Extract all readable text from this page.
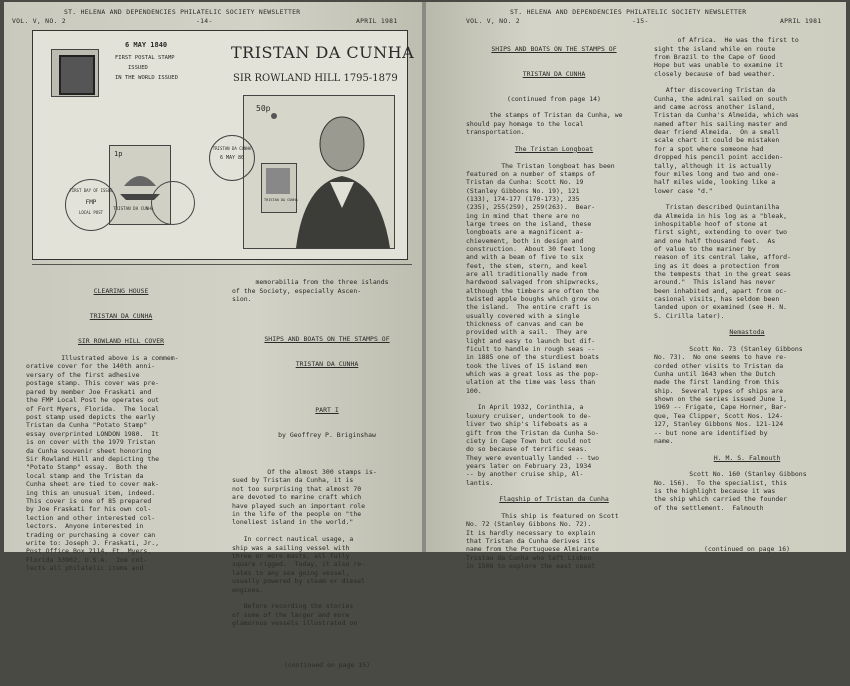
ST. HELENA AND DEPENDENCIES PHILATELIC SOCIETY NEWSLETTER
VOL. V, NO. 2	-14-	APRIL 1981
6 MAY 1840
FIRST POSTAL STAMP
ISSUED
IN THE WORLD ISSUED
TRISTAN DA CUNHA
SIR ROWLAND HILL 1795-1879
50p
TRISTAN DA CUNHA
1p
TRISTAN DA CUNHA
TRISTAN DA CUNHA
6 MAY 80
FIRST DAY OF ISSUE
FMP
LOCAL POST

CLEARING HOUSE

TRISTAN DA CUNHA

SIR ROWLAND HILL COVER

Illustrated above is a commem-
orative cover for the 140th anni-
versary of the first adhesive
postage stamp. This cover was pre-
pared by member Joe Fraskati and
the FMP Local Post he operates out
of Fort Myers, Florida.  The local
post stamp used depicts the early
Tristan da Cunha "Potato Stamp"
essay overprinted LONDON 1980.  It
is on cover with the 1979 Tristan
da Cunha souvenir sheet honoring
Sir Rowland Hill and depicting the
"Potato Stamp" essay.  Both the
local stamp and the Tristan da
Cunha sheet are tied to cover mak-
ing this an unusual item, indeed.
This cover is one of 85 prepared
by Joe Fraskati for his own col-
lection and other interested col-
lectors.  Anyone interested in
trading or purchasing a cover can
write to: Joseph J. Fraskati, Jr.,
Post Office Box 2114, Ft. Myers,
Florida 33902, U.S.A.  Joe col-
lects all philatelic items and

memorabilia from the three islands
of the Society, especially Ascen-
sion.

SHIPS AND BOATS ON THE STAMPS OF

TRISTAN DA CUNHA

PART I

by Geoffrey P. Briginshaw

Of the almost 300 stamps is-
sued by Tristan da Cunha, it is
not too surprising that almost 70
are devoted to marine craft which
have played such an important role
in the life of the people on "the
loneliest island in the world."

In correct nautical usage, a
ship was a sailing vessel with
three or more masts, all fully
square rigged.  Today, it also re-
lates to any sea going vessel,
usually powered by steam or diesel
engines.

Before recording the stories
of some of the larger and more
glamorous vessels illustrated on

(continued on page 15)

ST. HELENA AND DEPENDENCIES PHILATELIC SOCIETY NEWSLETTER
VOL. V, NO. 2	-15-	APRIL 1981

SHIPS AND BOATS ON THE STAMPS OF

TRISTAN DA CUNHA

(continued from page 14)

the stamps of Tristan da Cunha, we
should pay homage to the local
transportation.

The Tristan Longboat

The Tristan longboat has been
featured on a number of stamps of
Tristan da Cunha: Scott No. 19
(Stanley Gibbons No. 19), 121
(133), 174-177 (170-173), 235
(235), 255(259), 259(263).  Bear-
ing in mind that there are no
large trees on the island, these
longboats are a magnificent a-
chievement, both in design and
construction.  About 30 feet long
and with a beam of five to six
feet, the stem, stern, and keel
are all traditionally made from
hardwood salvaged from shipwrecks,
although the timbers are often the
twisted apple boughs which grow on
the island.  The entire craft is
usually covered with a single
thickness of canvas and can be
provided with a sail.  They are
light and easy to launch but dif-
ficult to handle in rough seas --
in 1885 one of the sturdiest boats
took the lives of 15 island men
which was a great loss as the pop-
ulation at the time was less than
100.

In April 1932, Corinthia, a
luxury cruiser, undertook to de-
liver two ship's lifeboats as a
gift from the Tristan da Cunha So-
ciety in Cape Town but could not
do so because of terrific seas.
They were eventually landed -- two
years later on February 23, 1934
-- by another cruise ship, Al-
lantis.

Flagship of Tristan da Cunha

This ship is featured on Scott
No. 72 (Stanley Gibbons No. 72).
It is hardly necessary to explain
that Tristan da Cunha derives its
name from the Portuguese Almirante
Tristao da Cunha who left Lisbon
in 1506 to explore the east coast

of Africa.  He was the first to
sight the island while en route
from Brazil to the Cape of Good
Hope but was unable to examine it
closely because of bad weather.

After discovering Tristan da
Cunha, the admiral sailed on south
and came across another island,
Tristan da Cunha's Almeida, which was
named after his sailing master and
dear friend Almeida.  On a small
scale chart it could be mistaken
for a spot where someone had
dropped his pencil point acciden-
tally, although it is actually
four miles long and two and one-
half miles wide, looking like a
lower case "d."

Tristan described Quintanilha
da Almeida in his log as a "bleak,
inhospitable hoof of stone at
first sight, extending to over two
and one half thousand feet.  As
of value to the mariner by
reason of its central lake, afford-
ing as it does a protection from
the tempests that in the great seas
around."  This island has never
been inhabited and, apart from oc-
casional visits, has seldom been
landed upon or examined (see H. N.
S. Cirilla later).

Nemastoda

Scott No. 73 (Stanley Gibbons
No. 73).  No one seems to have re-
corded other visits to Tristan da
Cunha until 1643 when the Dutch
made the first landing from this
ship.  Several types of ships are
shown on the series issued June 1,
1969 -- Frigate, Cape Horner, Bar-
que, Tea Clipper, Scott Nos. 124-
127, Stanley Gibbons Nos. 121-124
-- but none are identified by
name.

H. M. S. Falmouth

Scott No. 160 (Stanley Gibbons
No. 156).  To the specialist, this
is the highlight because it was
the ship which carried the founder
of the settlement.  Falmouth

(continued on page 16)
